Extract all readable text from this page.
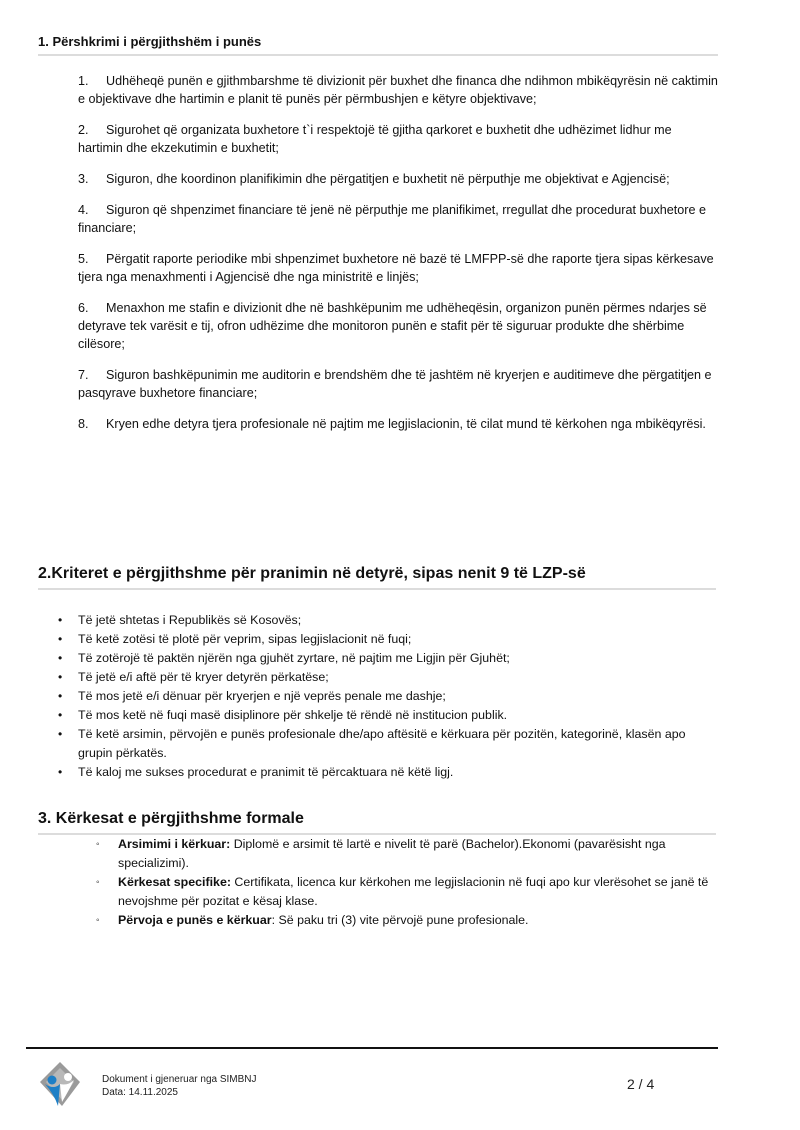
1. Përshkrimi i përgjithshëm i punës
1. Udhëheqë punën e gjithmbarshme të divizionit për buxhet dhe financa dhe ndihmon mbikëqyrësin në caktimin e objektivave dhe hartimin e planit të punës për përmbushjen e këtyre objektivave;
2. Sigurohet që organizata buxhetore t`i respektojë të gjitha qarkoret e buxhetit dhe udhëzimet lidhur me hartimin dhe ekzekutimin e buxhetit;
3. Siguron, dhe koordinon planifikimin dhe përgatitjen e buxhetit në përputhje me objektivat e Agjencisë;
4. Siguron që shpenzimet financiare të jenë në përputhje me planifikimet, rregullat dhe procedurat buxhetore e financiare;
5. Përgatit raporte periodike mbi shpenzimet buxhetore në bazë të LMFPP-së dhe raporte tjera sipas kërkesave tjera nga menaxhmenti i Agjencisë dhe nga ministritë e linjës;
6. Menaxhon me stafin e divizionit dhe në bashkëpunim me udhëheqësin, organizon punën përmes ndarjes së detyrave tek varësit e tij, ofron udhëzime dhe monitoron punën e stafit për të siguruar produkte dhe shërbime cilësore;
7. Siguron bashkëpunimin me auditorin e brendshëm dhe të jashtëm në kryerjen e auditimeve dhe përgatitjen e pasqyrave buxhetore financiare;
8. Kryen edhe detyra tjera profesionale në pajtim me legjislacionin, të cilat mund të kërkohen nga mbikëqyrësi.
2.Kriteret e përgjithshme për pranimin në detyrë, sipas nenit 9 të LZP-së
• Të jetë shtetas i Republikës së Kosovës;
• Të ketë zotësi të plotë për veprim, sipas legjislacionit në fuqi;
• Të zotërojë të paktën njërën nga gjuhët zyrtare, në pajtim me Ligjin për Gjuhët;
• Të jetë e/i aftë për të kryer detyrën përkatëse;
• Të mos jetë e/i dënuar për kryerjen e një veprës penale me dashje;
• Të mos ketë në fuqi masë disiplinore për shkelje të rëndë në institucion publik.
• Të ketë arsimin, përvojën e punës profesionale dhe/apo aftësitë e kërkuara për pozitën, kategorinë, klasën apo grupin përkatës.
• Të kaloj me sukses procedurat e pranimit të përcaktuara në këtë ligj.
3. Kërkesat e përgjithshme formale
◦ Arsimimi i kërkuar: Diplomë e arsimit të lartë e nivelit të parë (Bachelor).Ekonomi (pavarësisht nga specializimi).
◦ Kërkesat specifike: Certifikata, licenca kur kërkohen me legjislacionin në fuqi apo kur vlerësohet se janë të nevojshme për pozitat e kësaj klase.
◦ Përvoja e punës e kërkuar: Së paku tri (3) vite përvojë pune profesionale.
Dokument i gjeneruar nga SIMBNJ
Data: 14.11.2025
2 / 4
